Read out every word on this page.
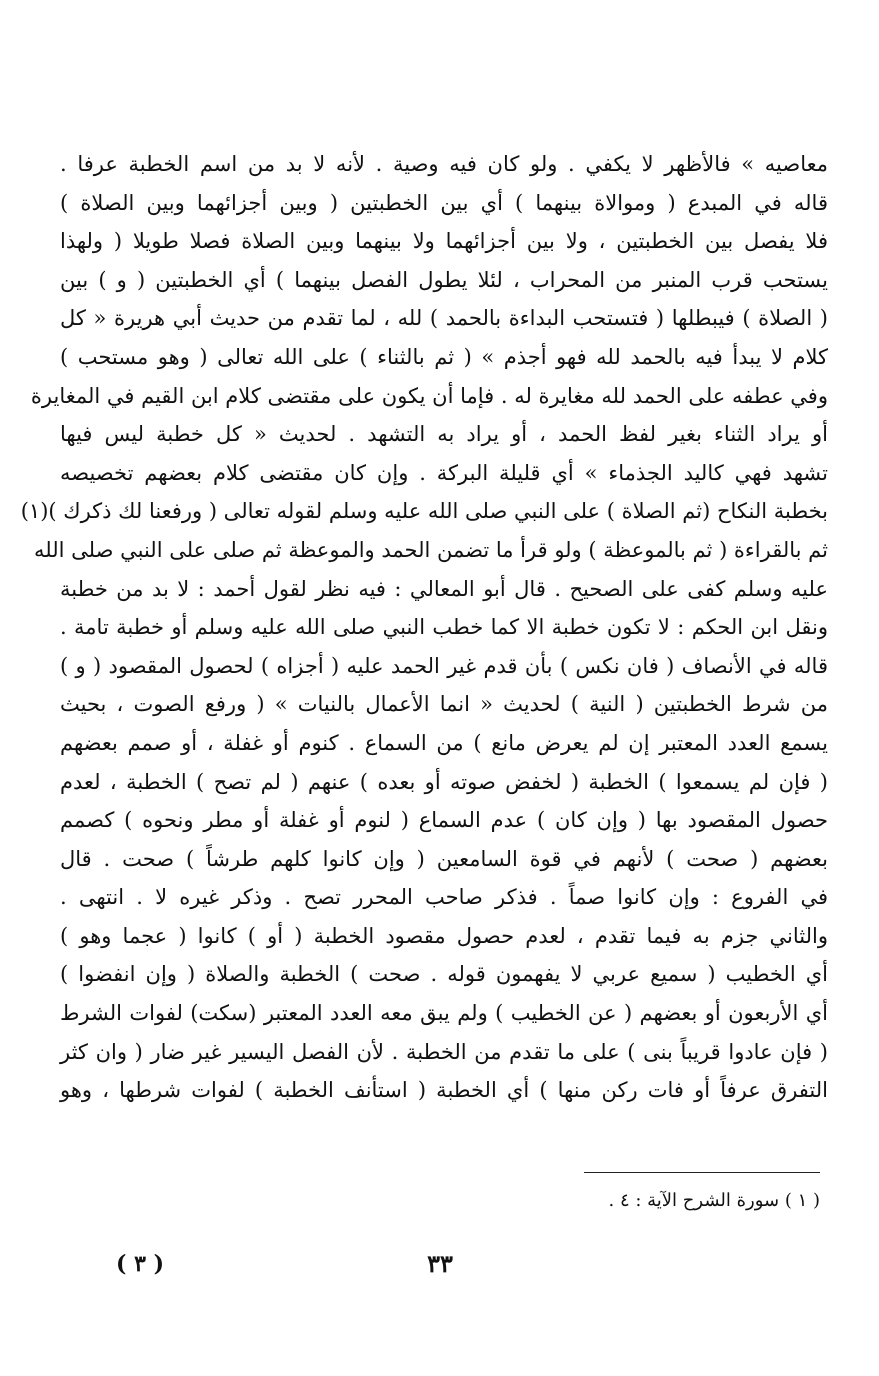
معاصيه » فالأظهر لا يكفي . ولو كان فيه وصية . لأنه لا بد من اسم الخطبة عرفا .
قاله في المبدع ( وموالاة بينهما ) أي بين الخطبتين ( وبين أجزائهما وبين الصلاة )
فلا يفصل بين الخطبتين ، ولا بين أجزائهما ولا بينهما وبين الصلاة فصلا طويلا ( ولهذا
يستحب قرب المنبر من المحراب ، لئلا يطول الفصل بينهما ) أي الخطبتين ( و ) بين
( الصلاة ) فيبطلها ( فتستحب البداءة بالحمد ) لله ، لما تقدم من حديث أبي هريرة « كل
كلام لا يبدأ فيه بالحمد لله فهو أجذم » ( ثم بالثناء ) على الله تعالى ( وهو مستحب )
وفي عطفه على الحمد لله مغايرة له . فإما أن يكون على مقتضى كلام ابن القيم في المغايرة
أو يراد الثناء بغير لفظ الحمد ، أو يراد به التشهد . لحديث « كل خطبة ليس فيها
تشهد فهي كاليد الجذماء » أي قليلة البركة . وإن كان مقتضى كلام بعضهم تخصيصه
بخطبة النكاح (ثم الصلاة ) على النبي صلى الله عليه وسلم لقوله تعالى ( ورفعنا لك ذكرك )(١)
ثم بالقراءة ( ثم بالموعظة ) ولو قرأ ما تضمن الحمد والموعظة ثم صلى على النبي صلى الله
عليه وسلم كفى على الصحيح . قال أبو المعالي : فيه نظر لقول أحمد : لا بد من خطبة
ونقل ابن الحكم : لا تكون خطبة الا كما خطب النبي صلى الله عليه وسلم أو خطبة تامة .
قاله في الأنصاف ( فان نكس ) بأن قدم غير الحمد عليه ( أجزاه ) لحصول المقصود ( و )
من شرط الخطبتين ( النية ) لحديث « انما الأعمال بالنيات » ( ورفع الصوت ، بحيث
يسمع العدد المعتبر إن لم يعرض مانع ) من السماع . كنوم أو غفلة ، أو صمم بعضهم
( فإن لم يسمعوا ) الخطبة ( لخفض صوته أو بعده ) عنهم ( لم تصح ) الخطبة ، لعدم
حصول المقصود بها ( وإن كان ) عدم السماع ( لنوم أو غفلة أو مطر ونحوه ) كصمم
بعضهم ( صحت ) لأنهم في قوة السامعين ( وإن كانوا كلهم طرشاً ) صحت . قال
في الفروع : وإن كانوا صماً . فذكر صاحب المحرر تصح . وذكر غيره لا . انتهى .
والثاني جزم به فيما تقدم ، لعدم حصول مقصود الخطبة ( أو ) كانوا ( عجما وهو )
أي الخطيب ( سميع عربي لا يفهمون قوله . صحت ) الخطبة والصلاة ( وإن انفضوا )
أي الأربعون أو بعضهم ( عن الخطيب ) ولم يبق معه العدد المعتبر (سكت) لفوات الشرط
( فإن عادوا قريباً بنى ) على ما تقدم من الخطبة . لأن الفصل اليسير غير ضار ( وان كثر
التفرق عرفاً أو فات ركن منها ) أي الخطبة ( استأنف الخطبة ) لفوات شرطها ، وهو
( ١ ) سورة الشرح الآية : ٤ .
٣٣
( ٣ )
